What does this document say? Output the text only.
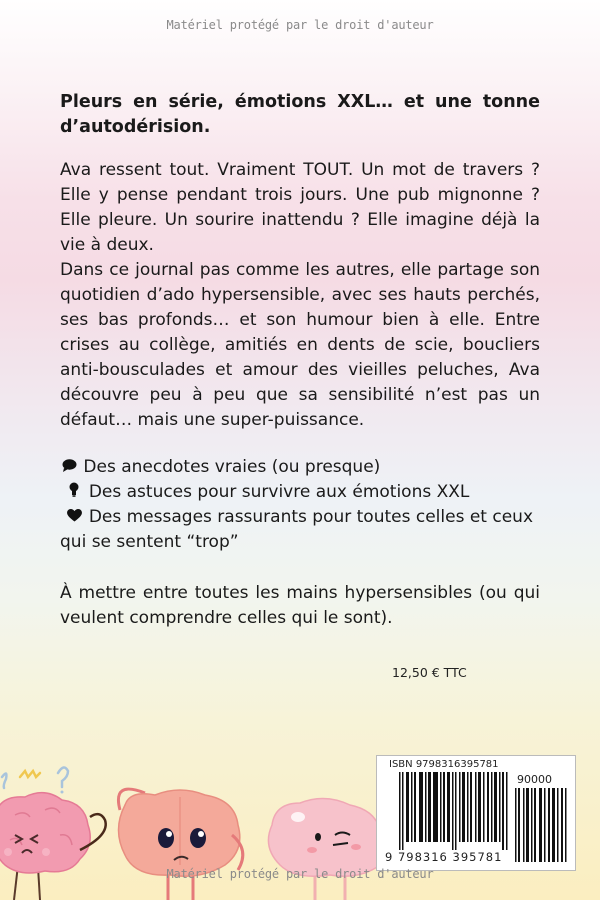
Matériel protégé par le droit d'auteur

Pleurs en série, émotions XXL… et une tonne d’autodérision.

Ava ressent tout. Vraiment TOUT. Un mot de travers ? Elle y pense pendant trois jours. Une pub mignonne ? Elle pleure. Un sourire inattendu ? Elle imagine déjà la vie à deux.

Dans ce journal pas comme les autres, elle partage son quotidien d’ado hypersensible, avec ses hauts perchés, ses bas profonds… et son humour bien à elle. Entre crises au collège, amitiés en dents de scie, boucliers anti-bousculades et amour des vieilles peluches, Ava découvre peu à peu que sa sensibilité n’est pas un défaut… mais une super-puissance.

Des anecdotes vraies (ou presque)
Des astuces pour survivre aux émotions XXL
Des messages rassurants pour toutes celles et ceux qui se sentent “trop”

À mettre entre toutes les mains hypersensibles (ou qui veulent comprendre celles qui le sont).

12,50 € TTC
Matériel protégé par le droit d'auteur
ISBN 9798316395781
90000
9 798316 395781
